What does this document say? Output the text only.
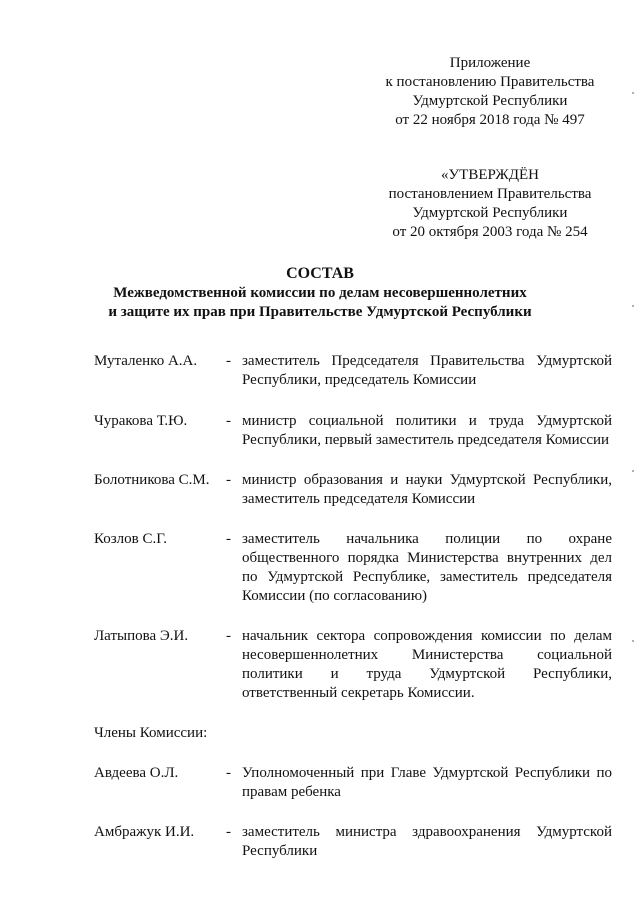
Приложение
к постановлению Правительства
Удмуртской Республики
от 22 ноября 2018 года № 497
«УТВЕРЖДЁН
постановлением Правительства
Удмуртской Республики
от 20 октября 2003 года № 254
СОСТАВ
Межведомственной комиссии по делам несовершеннолетних
и защите их прав при Правительстве Удмуртской Республики
Муталенко А.А.	- заместитель Председателя Правительства Удмуртской Республики, председатель Комиссии
Чуракова Т.Ю.	- министр социальной политики и труда Удмуртской Республики, первый заместитель председателя Комиссии
Болотникова С.М.	- министр образования и науки Удмуртской Республики, заместитель председателя Комиссии
Козлов С.Г.	- заместитель начальника полиции по охране общественного порядка Министерства внутренних дел по Удмуртской Республике, заместитель председателя Комиссии (по согласованию)
Латыпова Э.И.	- начальник сектора сопровождения комиссии по делам несовершеннолетних Министерства социальной политики и труда Удмуртской Республики, ответственный секретарь Комиссии.
Члены Комиссии:
Авдеева О.Л.	- Уполномоченный при Главе Удмуртской Республики по правам ребенка
Амбражук И.И.	- заместитель министра здравоохранения Удмуртской Республики
